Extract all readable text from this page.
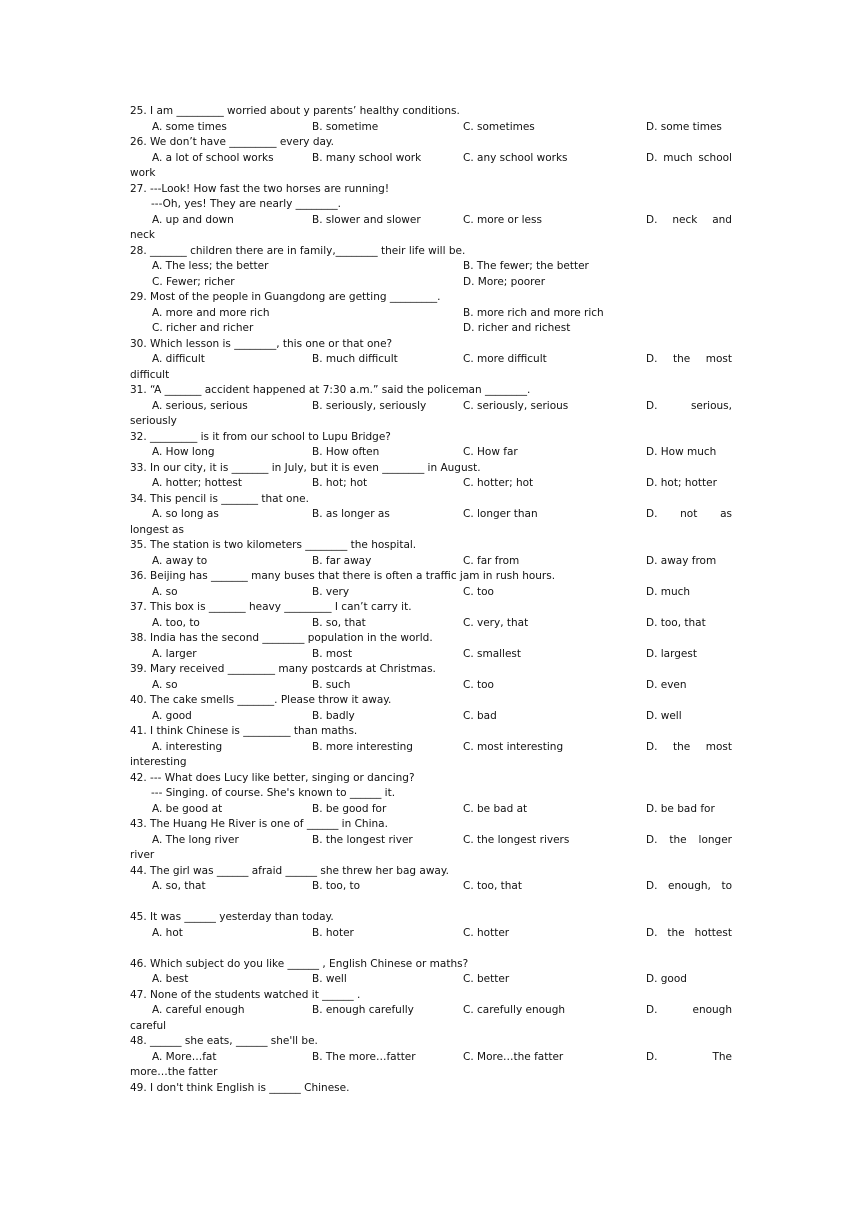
25. I am _________ worried about y parents’ healthy conditions.
A. some times	B. sometime	C. sometimes	D. some times
26. We don’t have _________ every day.
A. a lot of school works	B. many school work	C. any school works	D. much school
work
27. ---Look! How fast the two horses are running!
---Oh, yes! They are nearly ________.
A. up and down	B. slower and slower	C. more or less	D. neck and
neck
28. _______ children there are in family,________ their life will be.
A. The less; the better	B. The fewer; the better
C. Fewer; richer	D. More; poorer
29. Most of the people in Guangdong are getting _________.
A. more and more rich	B. more rich and more rich
C. richer and richer	D. richer and richest
30. Which lesson is ________, this one or that one?
A. difficult	B. much difficult	C. more difficult	D. the most
difficult
31. “A _______ accident happened at 7:30 a.m.” said the policeman ________.
A. serious, serious	B. seriously, seriously	C. seriously, serious	D.	serious,
seriously
32. _________ is it from our school to Lupu Bridge?
A. How long	B. How often	C. How far	D. How much
33. In our city, it is _______ in July, but it is even ________ in August.
A. hotter; hottest	B. hot; hot	C. hotter; hot	D. hot; hotter
34. This pencil is _______ that one.
A. so long as	B. as longer as	C. longer than	D. not as
longest as
35. The station is two kilometers ________ the hospital.
A. away to	B. far away	C. far from	D. away from
36. Beijing has _______ many buses that there is often a traffic jam in rush hours.
A. so	B. very	C. too	D. much
37. This box is _______ heavy _________ I can’t carry it.
A. too, to	B. so, that	C. very, that	D. too, that
38. India has the second ________ population in the world.
A. larger	B. most	C. smallest	D. largest
39. Mary received _________ many postcards at Christmas.
A. so	B. such	C. too	D. even
40. The cake smells _______. Please throw it away.
A. good	B. badly	C. bad	D. well
41. I think Chinese is _________ than maths.
A. interesting	B. more interesting	C. most interesting	D. the most
interesting
42. --- What does Lucy like better, singing or dancing?
--- Singing. of course. She's known to ______ it.
A. be good at	B. be good for	C. be bad at	D. be bad for
43. The Huang He River is one of ______ in China.
A. The long river	B. the longest river	C. the longest rivers	D. the longer
river
44. The girl was ______ afraid ______ she threw her bag away.
A. so, that	B. too, to	C. too, that	D. enough, to
45. It was ______ yesterday than today.
A. hot	B. hoter	C. hotter	D. the hottest
46. Which subject do you like ______ , English Chinese or maths?
A. best	B. well	C. better	D. good
47. None of the students watched it ______ .
A. careful enough	B. enough carefully	C. carefully enough	D.	enough
careful
48. ______ she eats, ______ she'll be.
A. More…fat	B. The more…fatter	C. More…the fatter	D.	The
more…the fatter
49. I don't think English is ______ Chinese.
